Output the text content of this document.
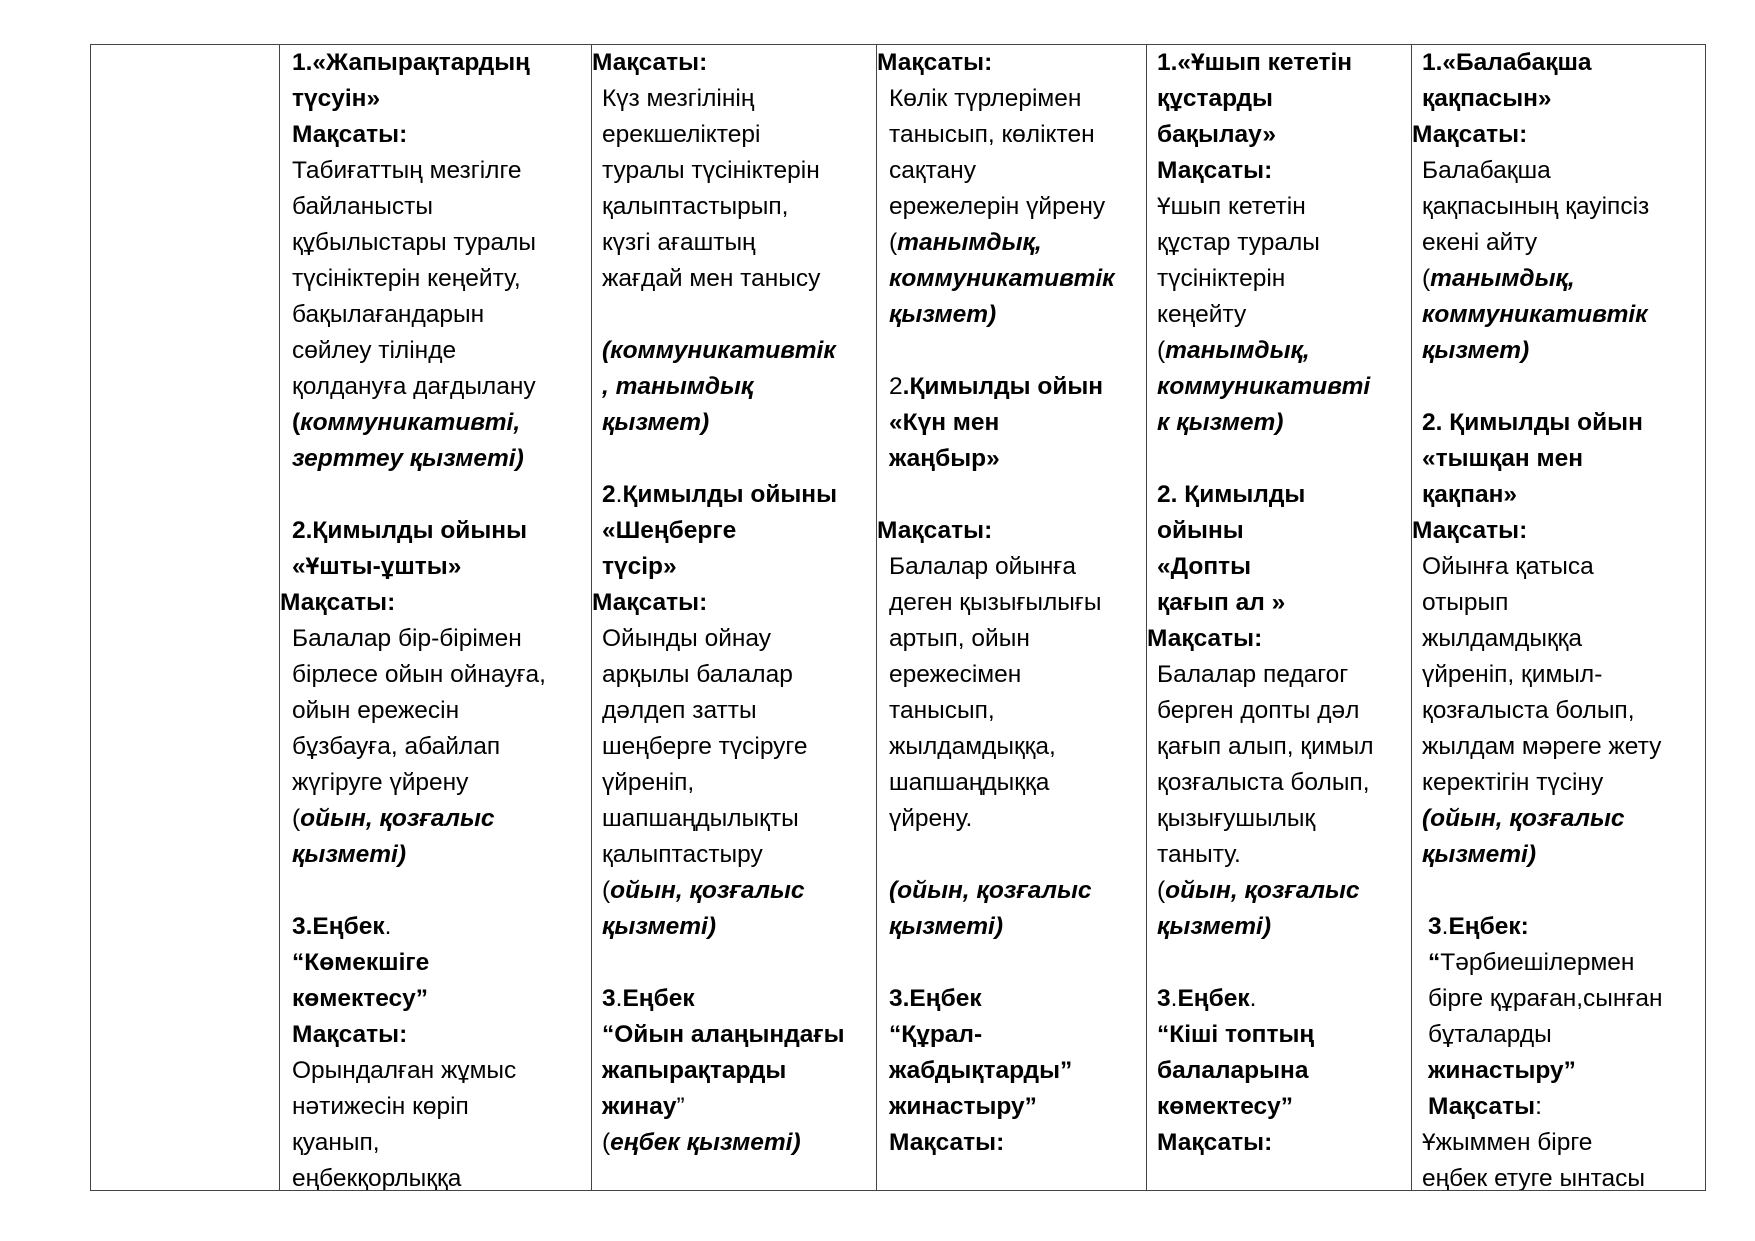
1.«Жапырақтардың
түсуін»
Мақсаты:
Табиғаттың мезгілге
байланысты
құбылыстары туралы
түсініктерін кеңейту,
бақылағандарын
сөйлеу тілінде
қолдануға дағдылану
(коммуникативті,
зерттеу қызметі)
2.Қимылды ойыны
«Ұшты-ұшты»
Мақсаты:
Балалар бір-бірімен
бірлесе ойын ойнауға,
ойын ережесін
бұзбауға, абайлап
жүгіруге үйрену
(ойын, қозғалыс
қызметі)
3.Еңбек.
“Көмекшіге
көмектесу”
Мақсаты:
Орындалған жұмыс
нәтижесін көріп
қуанып,
еңбекқорлыққа
Мақсаты:
Күз мезгілінің
ерекшеліктері
туралы түсініктерін
қалыптастырып,
күзгі ағаштың
жағдай мен танысу
(коммуникативтік
, танымдық
қызмет)
2.Қимылды ойыны
«Шеңберге
түсір»
Мақсаты:
Ойынды ойнау
арқылы балалар
дәлдеп затты
шеңберге түсіруге
үйреніп,
шапшаңдылықты
қалыптастыру
(ойын, қозғалыс
қызметі)
3.Еңбек
“Ойын алаңындағы
жапырақтарды
жинау”
(еңбек қызметі)
Мақсаты:
Көлік түрлерімен
танысып, көліктен
сақтану
ережелерін үйрену
(танымдық,
коммуникативтік
қызмет)
2.Қимылды ойын
«Күн мен
жаңбыр»
Мақсаты:
Балалар ойынға
деген қызығылығы
артып, ойын
ережесімен
танысып,
жылдамдыққа,
шапшаңдыққа
үйрену.
(ойын, қозғалыс
қызметі)
3.Еңбек
“Құрал-
жабдықтарды”
жинастыру”
Мақсаты:
1.«Ұшып кететін
құстарды
бақылау»
Мақсаты:
Ұшып кететін
құстар туралы
түсініктерін
кеңейту
(танымдық,
коммуникативті
к қызмет)
2. Қимылды
ойыны
«Допты
қағып ал »
Мақсаты:
Балалар педагог
берген допты дәл
қағып алып, қимыл
қозғалыста болып,
қызығушылық
таныту.
(ойын, қозғалыс
қызметі)
3.Еңбек.
“Кіші топтың
балаларына
көмектесу”
Мақсаты:
1.«Балабақша
қақпасын»
Мақсаты:
Балабақша
қақпасының қауіпсіз
екені айту
(танымдық,
коммуникативтік
қызмет)
2. Қимылды ойын
«тышқан мен
қақпан»
Мақсаты:
Ойынға қатыса
отырып
жылдамдыққа
үйреніп, қимыл-
қозғалыста болып,
жылдам мәреге жету
керектігін түсіну
(ойын, қозғалыс
қызметі)
3.Еңбек:
“Тәрбиешілермен
бірге құраған,сынған
бұталарды
жинастыру”
Мақсаты:
Ұжыммен бірге
еңбек етуге ынтасы
